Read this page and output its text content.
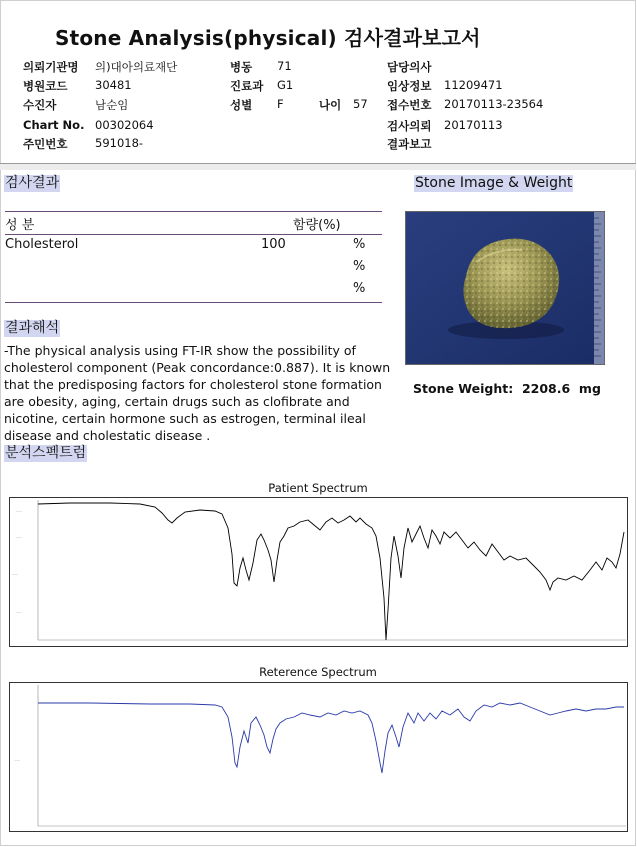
Stone Analysis(physical) 검사결과보고서
의뢰기관명 의)대아의료재단
병원코드 30481
수진자	남순임
Chart No. 00302064
주민번호 591018-
병동 71
진료과 G1
성별 F	나이 57
담당의사
임상정보 11209471
접수번호 20170113-23564
검사의뢰 20170113
결과보고
검사결과
성 분	함량(%)
Cholesterol	100	%
%
%
Stone Image & Weight
Stone Weight: 2208.6 mg
결과해석
-The physical analysis using FT-IR show the possibility of cholesterol component (Peak concordance:0.887). It is known that the predisposing factors for cholesterol stone formation are obesity, aging, certain drugs such as clofibrate and nicotine, certain hormone such as estrogen, terminal ileal disease and cholestatic disease .
분석스펙트럼
Patient Spectrum
——
——
——
——
Reterence Spectrum
——
